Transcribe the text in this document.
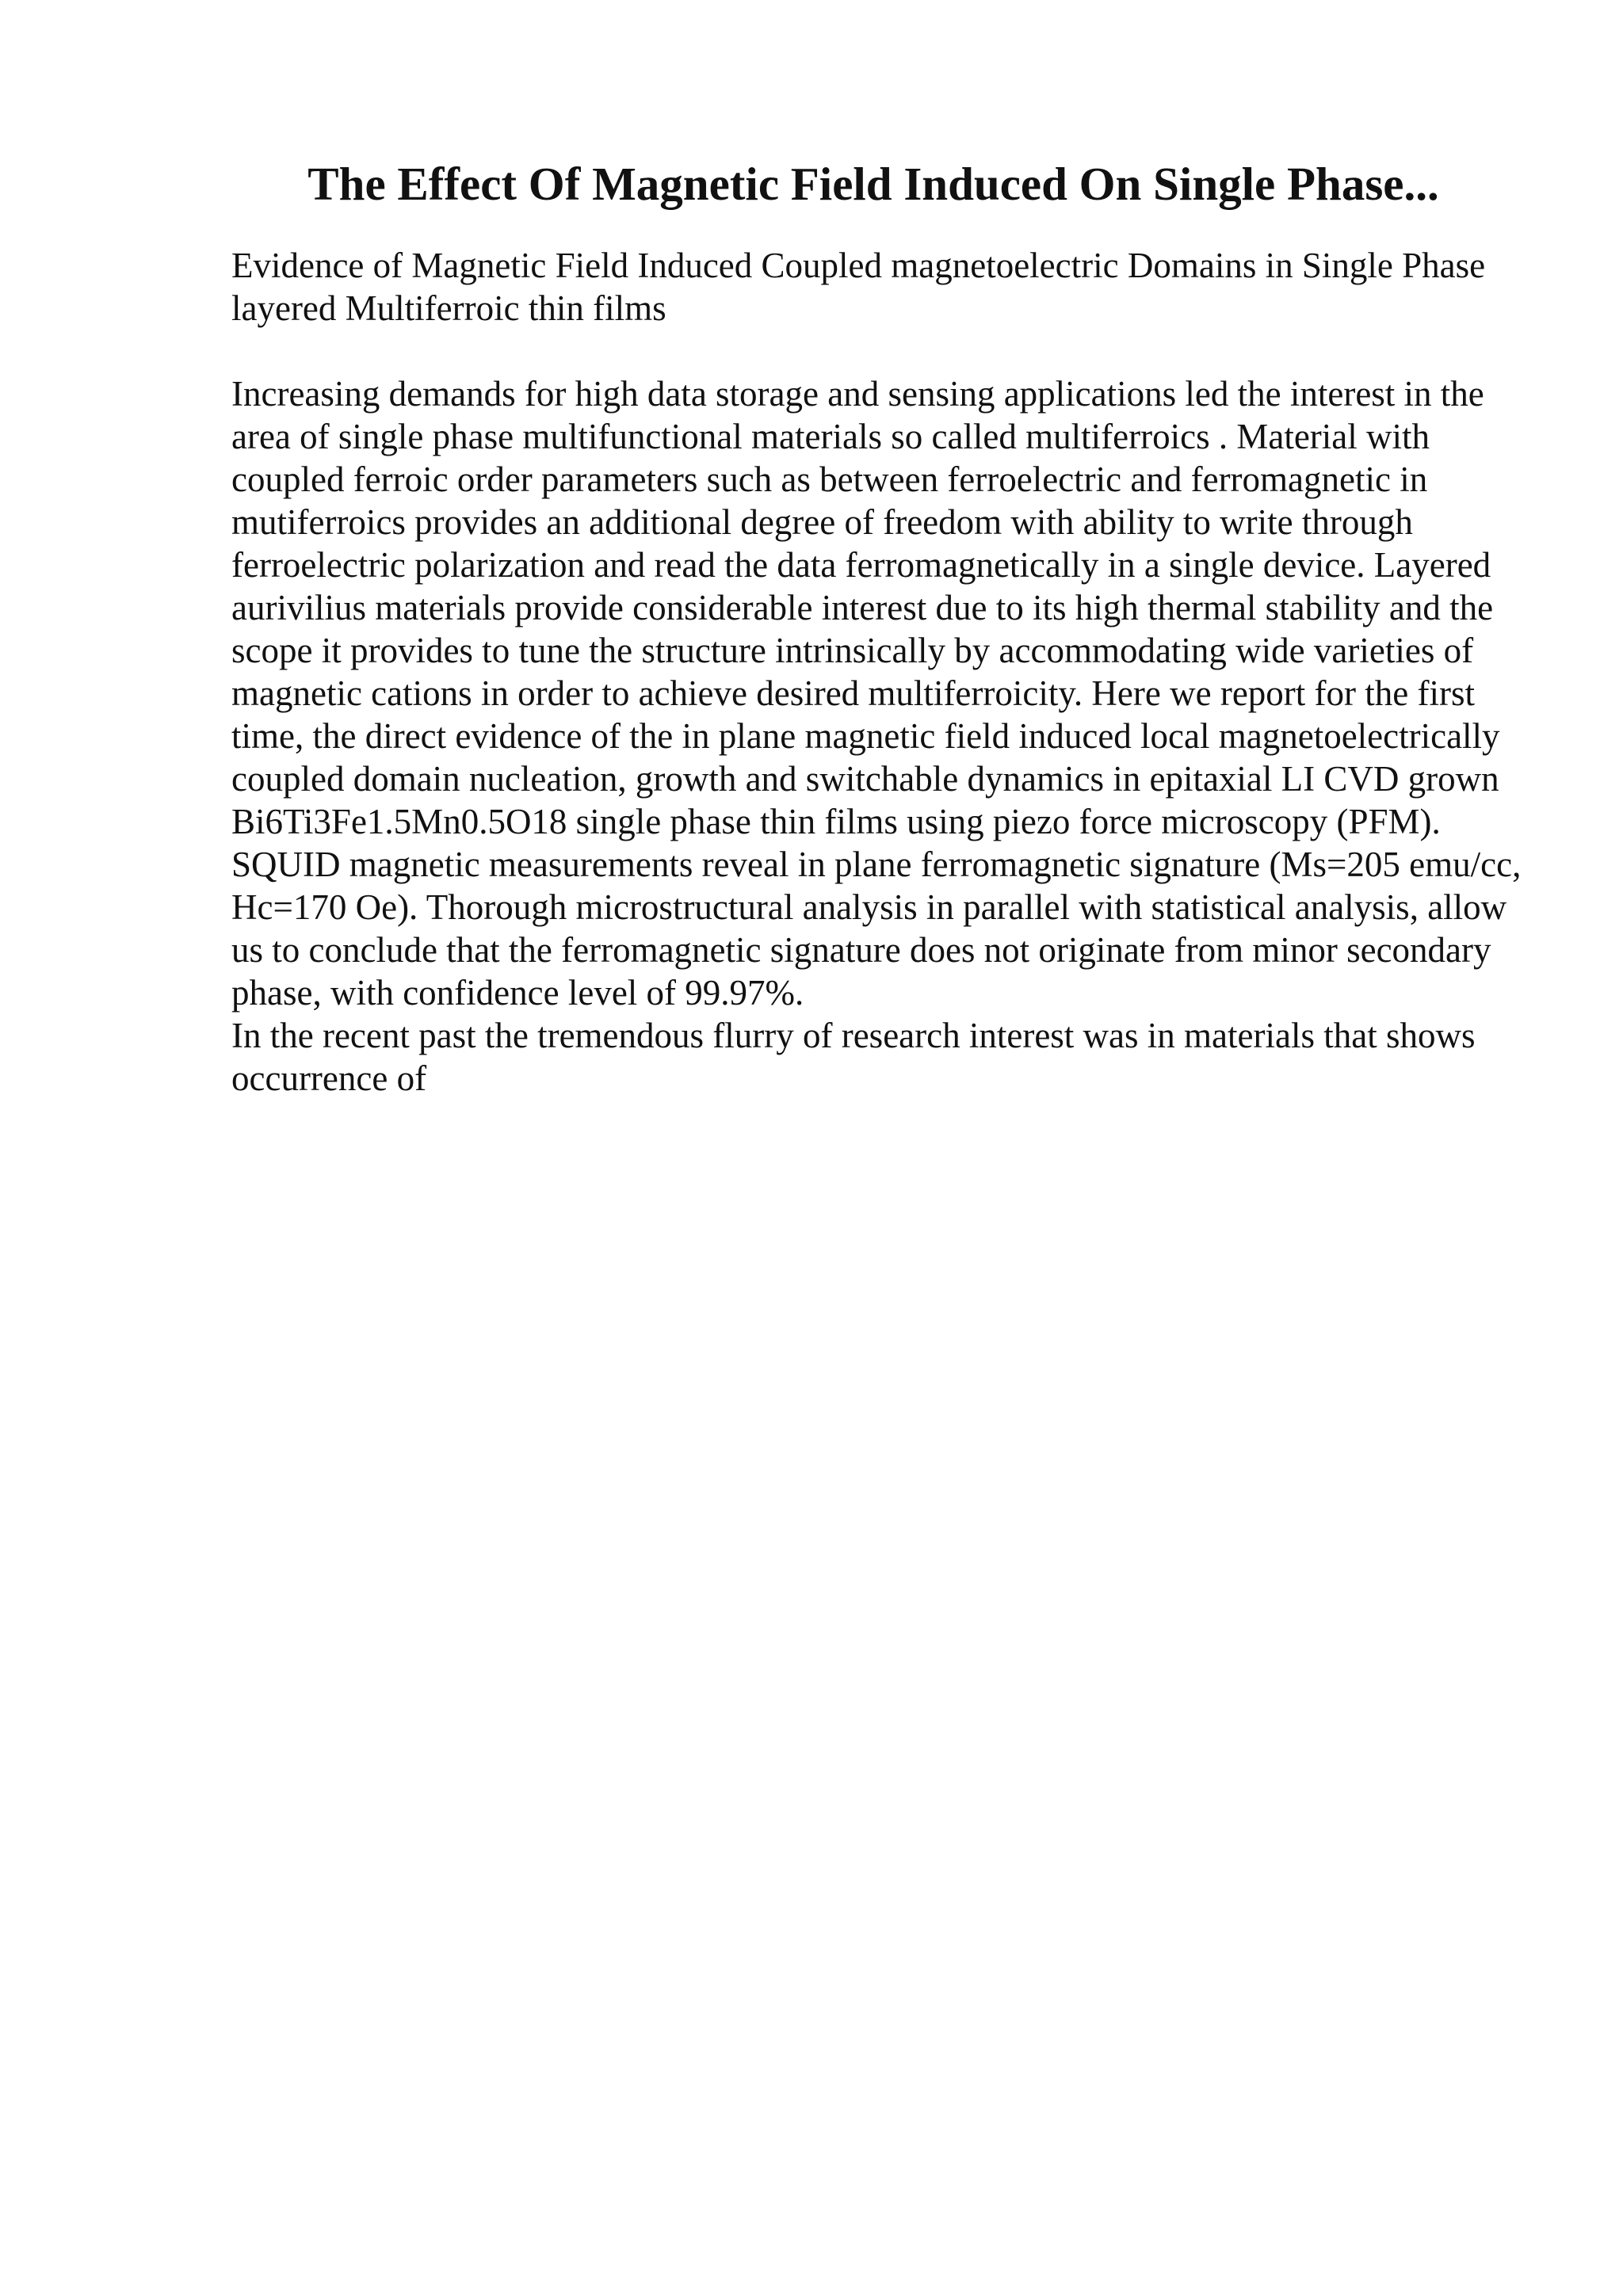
The Effect Of Magnetic Field Induced On Single Phase...

Evidence of Magnetic Field Induced Coupled magnetoelectric Domains in Single Phase layered Multiferroic thin films

Increasing demands for high data storage and sensing applications led the interest in the area of single phase multifunctional materials so called multiferroics . Material with coupled ferroic order parameters such as between ferroelectric and ferromagnetic in mutiferroics provides an additional degree of freedom with ability to write through ferroelectric polarization and read the data ferromagnetically in a single device. Layered aurivilius materials provide considerable interest due to its high thermal stability and the scope it provides to tune the structure intrinsically by accommodating wide varieties of magnetic cations in order to achieve desired multiferroicity. Here we report for the first time, the direct evidence of the in plane magnetic field induced local magnetoelectrically coupled domain nucleation, growth and switchable dynamics in epitaxial LI CVD grown Bi6Ti3Fe1.5Mn0.5O18 single phase thin films using piezo force microscopy (PFM). SQUID magnetic measurements reveal in plane ferromagnetic signature (Ms=205 emu/cc, Hc=170 Oe). Thorough microstructural analysis in parallel with statistical analysis, allow us to conclude that the ferromagnetic signature does not originate from minor secondary phase, with confidence level of 99.97%.

In the recent past the tremendous flurry of research interest was in materials that shows occurrence of
